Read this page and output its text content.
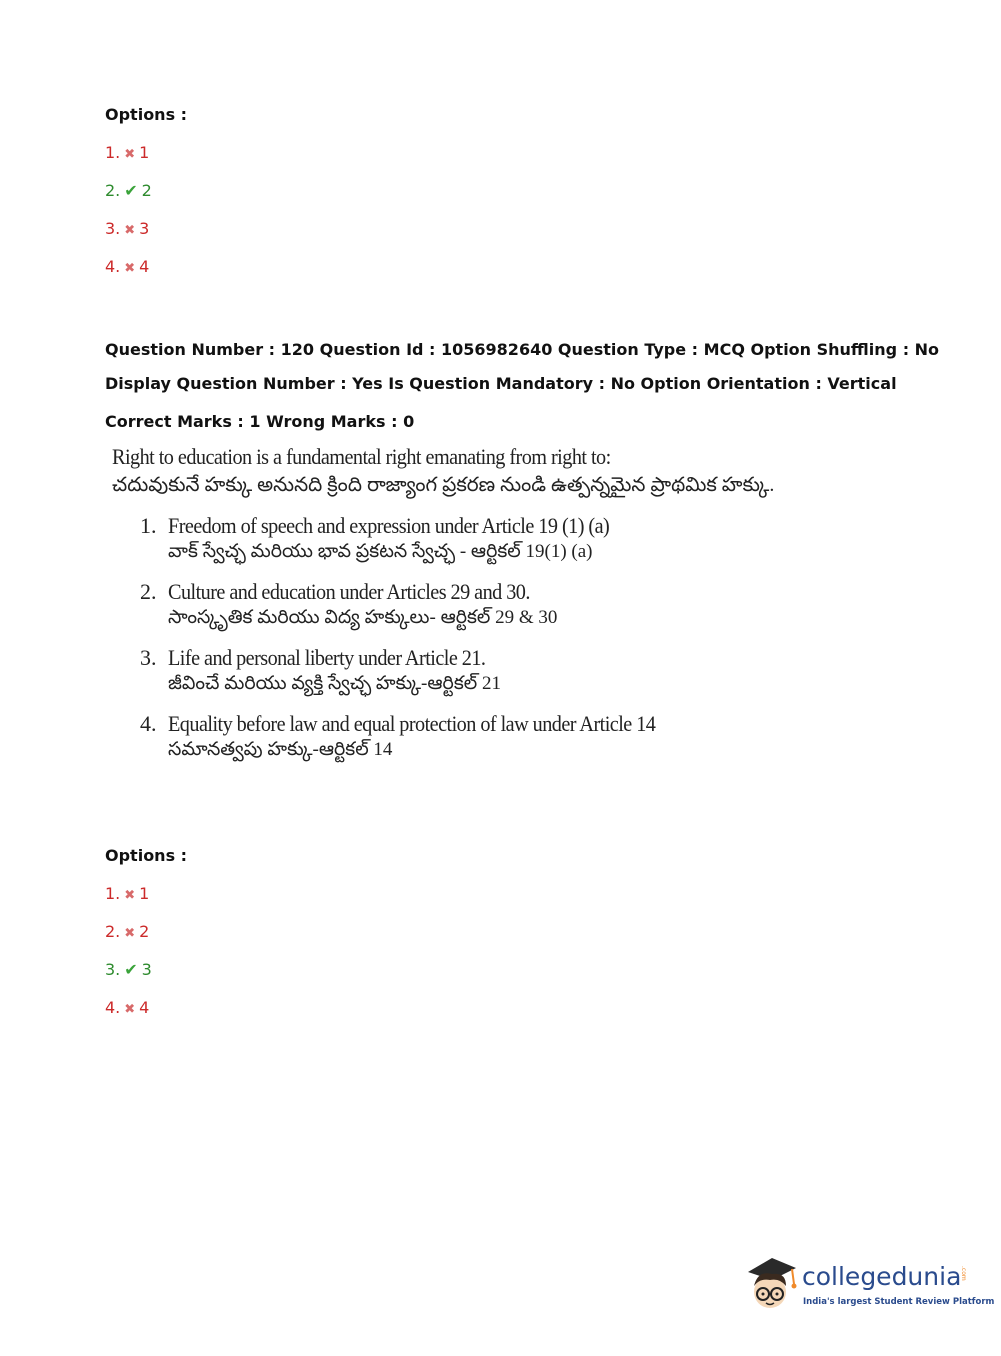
Options :
1. ✖ 1
2. ✔ 2
3. ✖ 3
4. ✖ 4
Question Number : 120 Question Id : 1056982640 Question Type : MCQ Option Shuffling : No
Display Question Number : Yes Is Question Mandatory : No Option Orientation : Vertical
Correct Marks : 1 Wrong Marks : 0
Right to education is a fundamental right emanating from right to:
చదువుకునే హక్కు అనునది క్రింది రాజ్యాంగ ప్రకరణ నుండి ఉత్పన్నమైన ప్రాథమిక హక్కు.
1. Freedom of speech and expression under Article 19 (1) (a)
వాక్ స్వేచ్ఛ మరియు భావ ప్రకటన స్వేచ్ఛ - ఆర్టికల్ 19(1) (a)
2. Culture and education under Articles 29 and 30.
సాంస్కృతిక మరియు విద్య హక్కులు- ఆర్టికల్ 29 & 30
3. Life and personal liberty under Article 21.
జీవించే మరియు వ్యక్తి స్వేచ్ఛ హక్కు-ఆర్టికల్ 21
4. Equality before law and equal protection of law under Article 14
సమానత్వపు హక్కు-ఆర్టికల్ 14
Options :
1. ✖ 1
2. ✖ 2
3. ✔ 3
4. ✖ 4
collegedunia
.com
India's largest Student Review Platform
